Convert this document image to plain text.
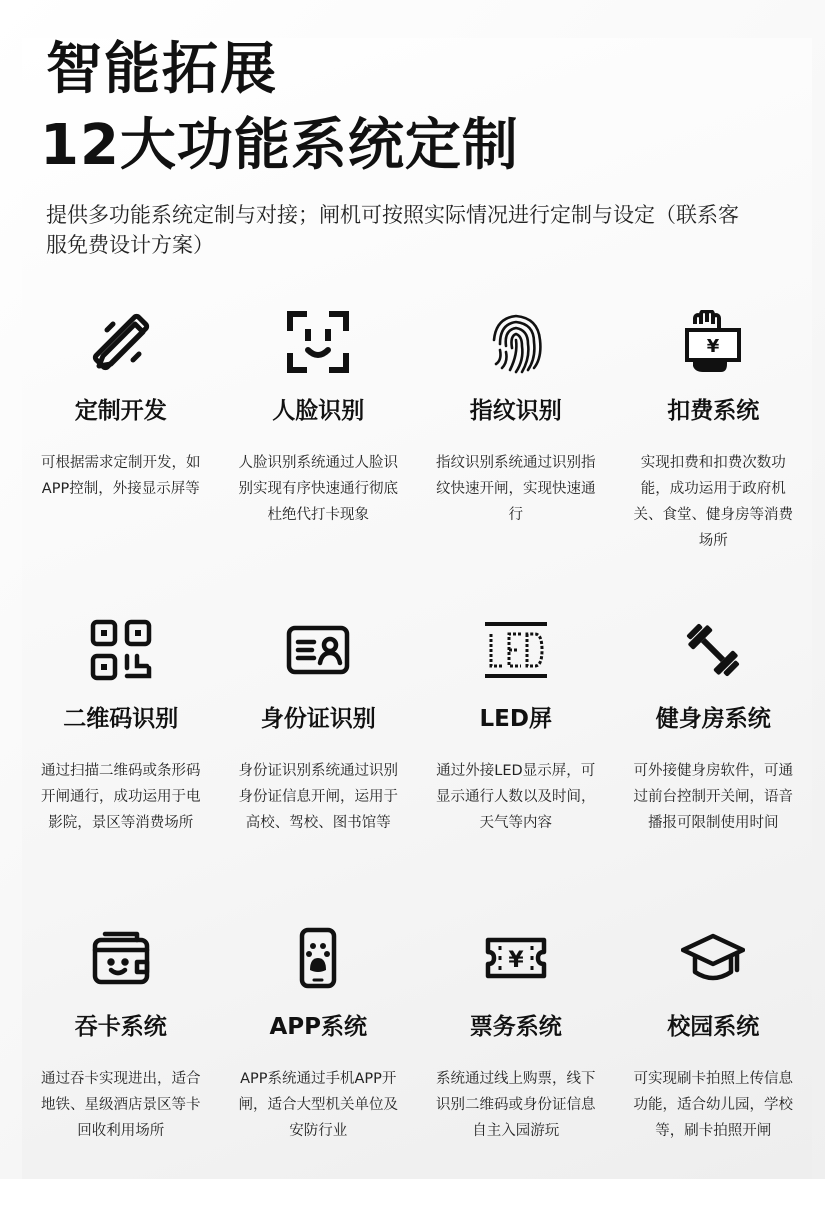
智能拓展
12大功能系统定制
提供多功能系统定制与对接；闸机可按照实际情况进行定制与设定（联系客服免费设计方案）
定制开发
可根据需求定制开发，如APP控制，外接显示屏等
人脸识别
人脸识别系统通过人脸识别实现有序快速通行彻底杜绝代打卡现象
指纹识别
指纹识别系统通过识别指纹快速开闸，实现快速通行
¥
扣费系统
实现扣费和扣费次数功能，成功运用于政府机关、食堂、健身房等消费场所
二维码识别
通过扫描二维码或条形码开闸通行，成功运用于电影院，景区等消费场所
身份证识别
身份证识别系统通过识别身份证信息开闸，运用于高校、驾校、图书馆等
LED屏
通过外接LED显示屏，可显示通行人数以及时间，天气等内容
健身房系统
可外接健身房软件，可通过前台控制开关闸，语音播报可限制使用时间
吞卡系统
通过吞卡实现进出，适合地铁、星级酒店景区等卡回收利用场所
APP系统
APP系统通过手机APP开闸，适合大型机关单位及安防行业
¥
票务系统
系统通过线上购票，线下识别二维码或身份证信息自主入园游玩
校园系统
可实现刷卡拍照上传信息功能，适合幼儿园，学校等，刷卡拍照开闸
